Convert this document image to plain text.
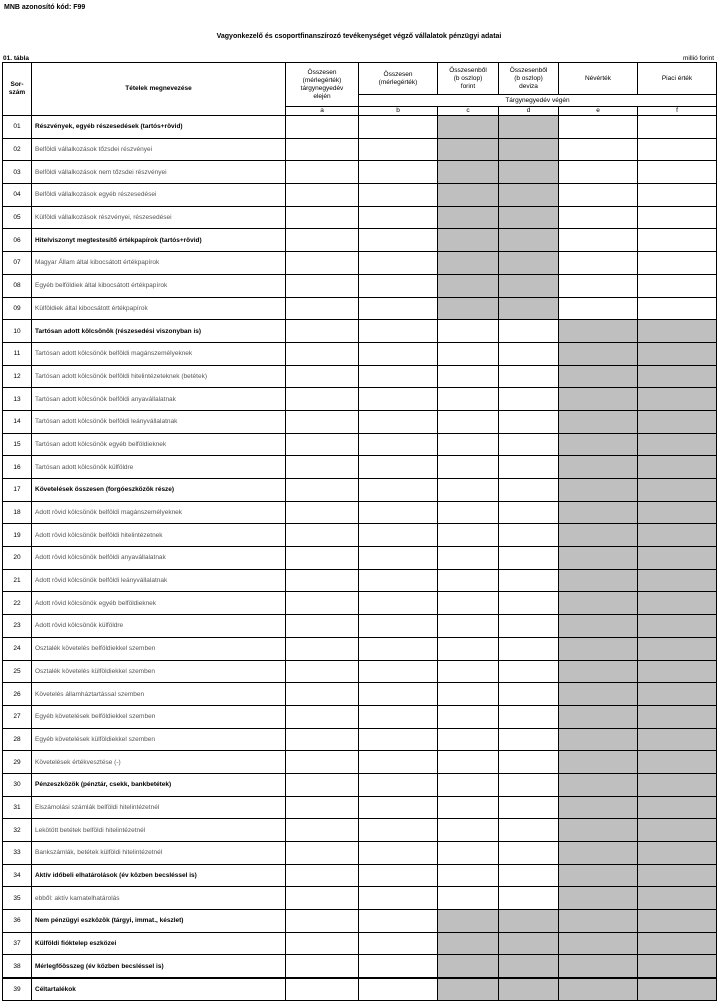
MNB azonosító kód: F99
Vagyonkezelő és csoportfinanszírozó tevékenységet végző vállalatok pénzügyi adatai
01. tábla	millió forint
Sor-
szám	Tételek megnevezése	Összesen
(mérlegérték)
tárgynegyedév
elején	Összesen
(mérlegérték)	Összesenből
(b oszlop)
forint	Összesenből
(b oszlop)
deviza	Névérték	Piaci érték
			Tárgynegyedév végén				
		a	b	c	d	e	f
01	Részvények, egyéb részesedések (tartós+rövid)						
02	Belföldi vállalkozások tőzsdei részvényei						
03	Belföldi vállalkozások nem tőzsdei részvényei						
04	Belföldi vállalkozások egyéb részesedései						
05	Külföldi vállalkozások részvényei, részesedései						
06	Hitelviszonyt megtestesítő értékpapírok (tartós+rövid)						
07	Magyar Állam által kibocsátott értékpapírok						
08	Egyéb belföldiek által kibocsátott értékpapírok						
09	Külföldiek által kibocsátott értékpapírok						
10	Tartósan adott kölcsönök (részesedési viszonyban is)						
11	Tartósan adott kölcsönök belföldi magánszemélyeknek						
12	Tartósan adott kölcsönök belföldi hitelintézeteknek (betétek)						
13	Tartósan adott kölcsönök belföldi anyavállalatnak						
14	Tartósan adott kölcsönök belföldi leányvállalatnak						
15	Tartósan adott kölcsönök egyéb belföldieknek						
16	Tartósan adott kölcsönök külföldre						
17	Követelések összesen (forgóeszközök része)						
18	Adott rövid kölcsönök belföldi magánszemélyeknek						
19	Adott rövid kölcsönök belföldi hitelintézetnek						
20	Adott rövid kölcsönök belföldi anyavállalatnak						
21	Adott rövid kölcsönök belföldi leányvállalatnak						
22	Adott rövid kölcsönök egyéb belföldieknek						
23	Adott rövid kölcsönök külföldre						
24	Osztalék követelés belföldiekkel szemben						
25	Osztalék követelés külföldiekkel szemben						
26	Követelés államháztartással szemben						
27	Egyéb követelések belföldiekkel szemben						
28	Egyéb követelések külföldiekkel szemben						
29	Követelések értékvesztése (-)						
30	Pénzeszközök (pénztár, csekk, bankbetétek)						
31	Elszámolási számlák belföldi hitelintézetnél						
32	Lekötött betétek belföldi hitelintézetnél						
33	Bankszámlák, betétek külföldi hitelintézetnél						
34	Aktív időbeli elhatárolások (év közben becsléssel is)						
35	ebből: aktív kamatelhatárolás						
36	Nem pénzügyi eszközök (tárgyi, immat., készlet)						
37	Külföldi fióktelep eszközei						
38	Mérlegfőösszeg (év közben becsléssel is)						
39	Céltartalékok						
